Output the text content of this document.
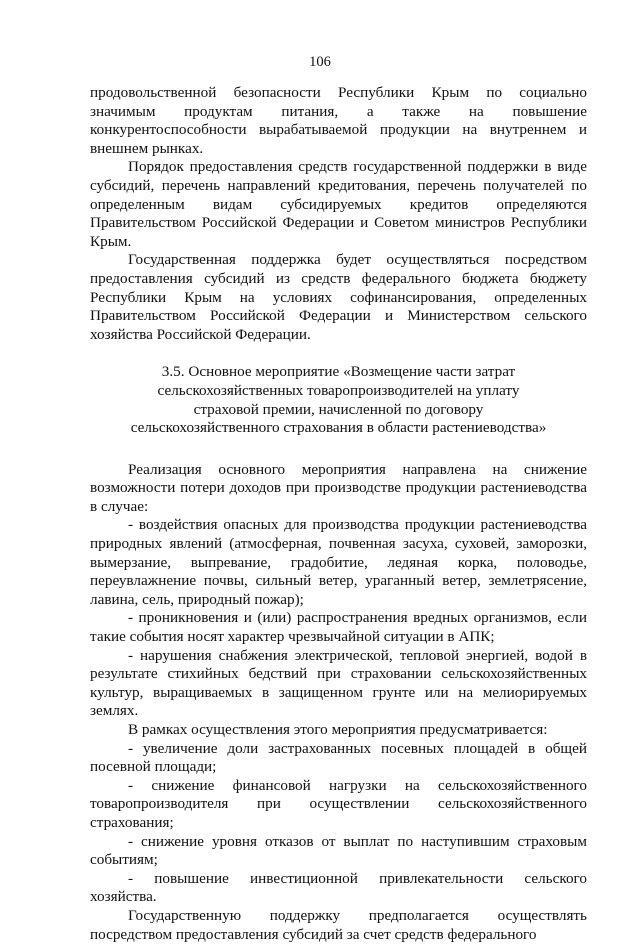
106

продовольственной безопасности Республики Крым по социально значимым продуктам питания, а также на повышение конкурентоспособности вырабатываемой продукции на внутреннем и внешнем рынках.

Порядок предоставления средств государственной поддержки в виде субсидий, перечень направлений кредитования, перечень получателей по определенным видам субсидируемых кредитов определяются Правительством Российской Федерации и Советом министров Республики Крым.

Государственная поддержка будет осуществляться посредством предоставления субсидий из средств федерального бюджета бюджету Республики Крым на условиях софинансирования, определенных Правительством Российской Федерации и Министерством сельского хозяйства Российской Федерации.

3.5. Основное мероприятие «Возмещение части затрат
сельскохозяйственных товаропроизводителей на уплату
страховой премии, начисленной по договору
сельскохозяйственного страхования в области растениеводства»

Реализация основного мероприятия направлена на снижение возможности потери доходов при производстве продукции растениеводства в случае:

- воздействия опасных для производства продукции растениеводства природных явлений (атмосферная, почвенная засуха, суховей, заморозки, вымерзание, выпревание, градобитие, ледяная корка, половодье, переувлажнение почвы, сильный ветер, ураганный ветер, землетрясение, лавина, сель, природный пожар);

- проникновения и (или) распространения вредных организмов, если такие события носят характер чрезвычайной ситуации в АПК;

- нарушения снабжения электрической, тепловой энергией, водой в результате стихийных бедствий при страховании сельскохозяйственных культур, выращиваемых в защищенном грунте или на мелиорируемых землях.

В рамках осуществления этого мероприятия предусматривается:

- увеличение доли застрахованных посевных площадей в общей посевной площади;

- снижение финансовой нагрузки на сельскохозяйственного товаропроизводителя при осуществлении сельскохозяйственного страхования;

- снижение уровня отказов от выплат по наступившим страховым событиям;

- повышение инвестиционной привлекательности сельского хозяйства.

Государственную поддержку предполагается осуществлять посредством предоставления субсидий за счет средств федерального
